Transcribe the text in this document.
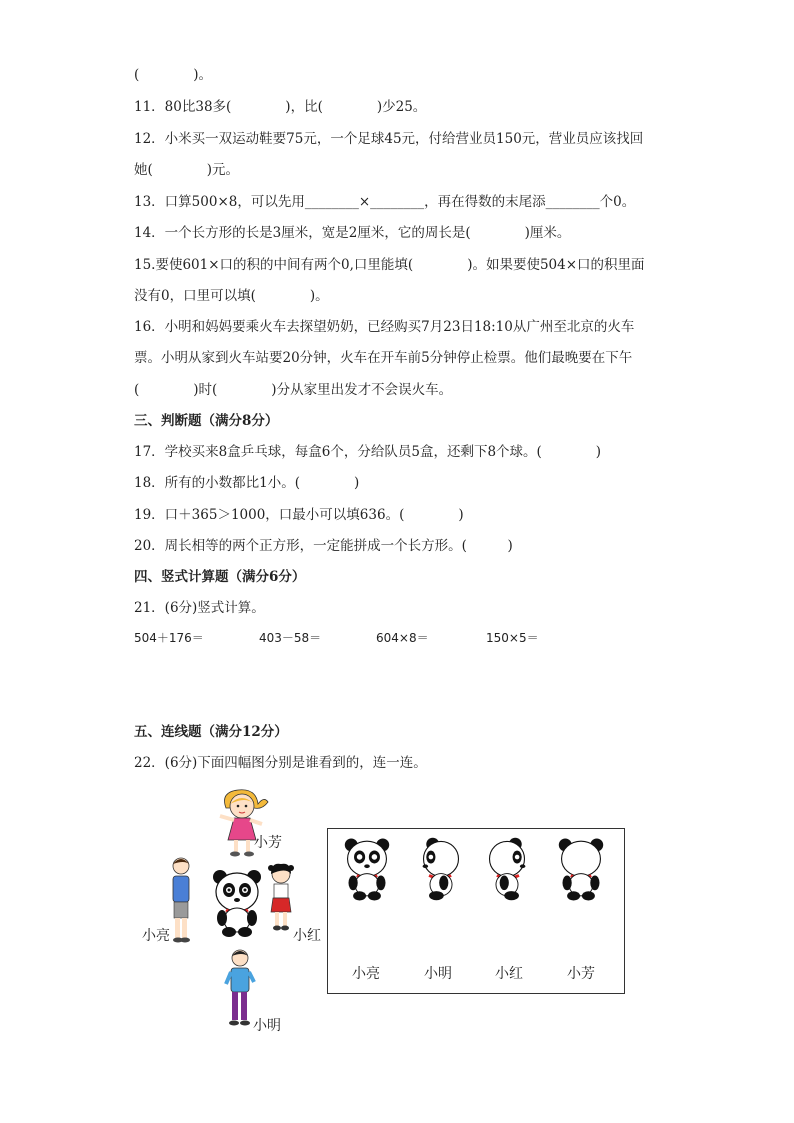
(　　　　)。
11．80比38多(　　　　)，比(　　　　)少25。
12．小米买一双运动鞋要75元，一个足球45元，付给营业员150元，营业员应该找回
她(　　　　)元。
13．口算500×8，可以先用________×________，再在得数的末尾添________个0。
14．一个长方形的长是3厘米，宽是2厘米，它的周长是(　　　　)厘米。
15.要使601×口的积的中间有两个0,口里能填(　　　　)。如果要使504×口的积里面
没有0，口里可以填(　　　　)。
16．小明和妈妈要乘火车去探望奶奶，已经购买7月23日18:10从广州至北京的火车
票。小明从家到火车站要20分钟，火车在开车前5分钟停止检票。他们最晚要在下午
(　　　　)时(　　　　)分从家里出发才不会误火车。
三、判断题（满分8分）
17．学校买来8盒乒乓球，每盒6个，分给队员5盒，还剩下8个球。(　　　　)
18．所有的小数都比1小。(　　　　)
19．口＋365＞1000，口最小可以填636。(　　　　)
20．周长相等的两个正方形，一定能拼成一个长方形。(　　　)
四、竖式计算题（满分6分）
21．(6分)竖式计算。
504＋176＝	403－58＝	604×8＝	150×5＝
五、连线题（满分12分）
22．(6分)下面四幅图分别是谁看到的，连一连。
小芳
小亮	小红
小明
小亮	小明	小红	小芳
